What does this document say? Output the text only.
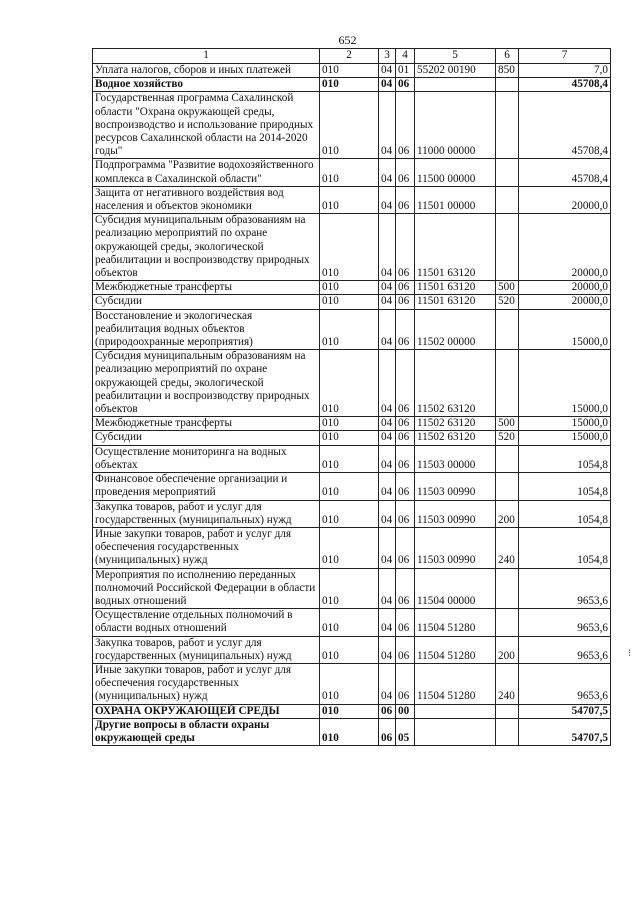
652
1	2	3	4	5	6	7
Уплата налогов, сборов и иных платежей	010	04	01	55202 00190	850	7,0
Водное хозяйство	010	04	06			45708,4
Государственная программа Сахалинской области "Охрана окружающей среды, воспроизводство и использование природных ресурсов Сахалинской области на 2014-2020 годы"	010	04	06	11000 00000		45708,4
Подпрограмма "Развитие водохозяйственного комплекса в Сахалинской области"	010	04	06	11500 00000		45708,4
Защита от негативного воздействия вод населения и объектов экономики	010	04	06	11501 00000		20000,0
Субсидия муниципальным образованиям на реализацию мероприятий по охране окружающей среды, экологической реабилитации и воспроизводству природных объектов	010	04	06	11501 63120		20000,0
Межбюджетные трансферты	010	04	06	11501 63120	500	20000,0
Субсидии	010	04	06	11501 63120	520	20000,0
Восстановление и экологическая реабилитация водных объектов (природоохранные мероприятия)	010	04	06	11502 00000		15000,0
Субсидия муниципальным образованиям на реализацию мероприятий по охране окружающей среды, экологической реабилитации и воспроизводству природных объектов	010	04	06	11502 63120		15000,0
Межбюджетные трансферты	010	04	06	11502 63120	500	15000,0
Субсидии	010	04	06	11502 63120	520	15000,0
Осуществление мониторинга на водных объектах	010	04	06	11503 00000		1054,8
Финансовое обеспечение организации и проведения мероприятий	010	04	06	11503 00990		1054,8
Закупка товаров, работ и услуг для государственных (муниципальных) нужд	010	04	06	11503 00990	200	1054,8
Иные закупки товаров, работ и услуг для обеспечения государственных (муниципальных) нужд	010	04	06	11503 00990	240	1054,8
Мероприятия по исполнению переданных полномочий Российской Федерации в области водных отношений	010	04	06	11504 00000		9653,6
Осуществление отдельных полномочий в области водных отношений	010	04	06	11504 51280		9653,6
Закупка товаров, работ и услуг для государственных (муниципальных) нужд	010	04	06	11504 51280	200	9653,6
Иные закупки товаров, работ и услуг для обеспечения государственных (муниципальных) нужд	010	04	06	11504 51280	240	9653,6
ОХРАНА ОКРУЖАЮЩЕЙ СРЕДЫ	010	06	00			54707,5
Другие вопросы в области охраны окружающей среды	010	06	05			54707,5
⁝
